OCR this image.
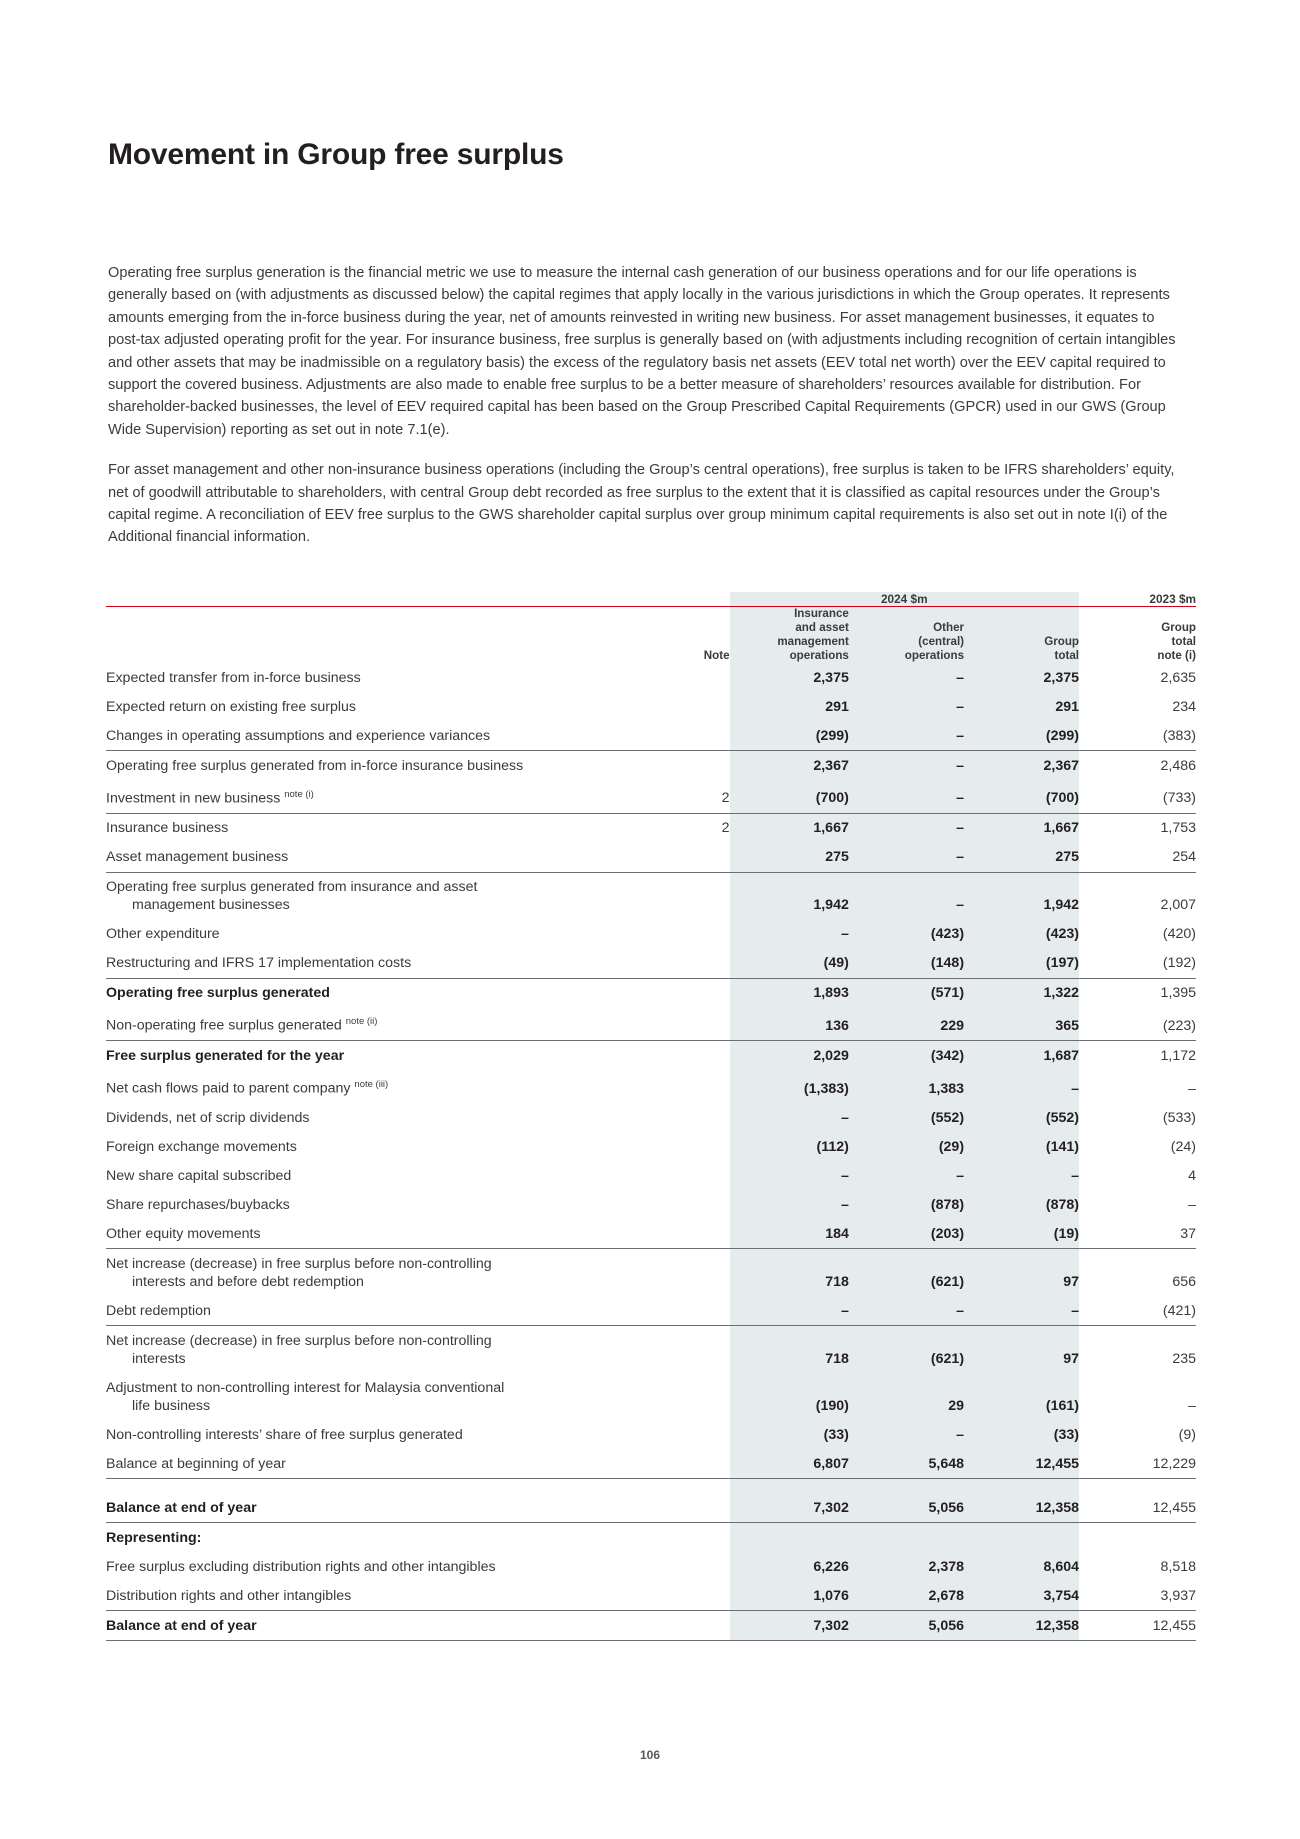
Movement in Group free surplus

Operating free surplus generation is the financial metric we use to measure the internal cash generation of our business operations and for our life operations is generally based on (with adjustments as discussed below) the capital regimes that apply locally in the various jurisdictions in which the Group operates. It represents amounts emerging from the in-force business during the year, net of amounts reinvested in writing new business. For asset management businesses, it equates to post-tax adjusted operating profit for the year. For insurance business, free surplus is generally based on (with adjustments including recognition of certain intangibles and other assets that may be inadmissible on a regulatory basis) the excess of the regulatory basis net assets (EEV total net worth) over the EEV capital required to support the covered business. Adjustments are also made to enable free surplus to be a better measure of shareholders’ resources available for distribution. For shareholder-backed businesses, the level of EEV required capital has been based on the Group Prescribed Capital Requirements (GPCR) used in our GWS (Group Wide Supervision) reporting as set out in note 7.1(e).

For asset management and other non-insurance business operations (including the Group’s central operations), free surplus is taken to be IFRS shareholders’ equity, net of goodwill attributable to shareholders, with central Group debt recorded as free surplus to the extent that it is classified as capital resources under the Group’s capital regime. A reconciliation of EEV free surplus to the GWS shareholder capital surplus over group minimum capital requirements is also set out in note I(i) of the Additional financial information.

		2024 $m			2023 $m
	Note	Insurance
and asset
management
operations	Other
(central)
operations	Group
total	Group
total
note (i)
Expected transfer from in-force business		2,375	–	2,375	2,635
Expected return on existing free surplus		291	–	291	234
Changes in operating assumptions and experience variances		(299)	–	(299)	(383)
Operating free surplus generated from in-force insurance business		2,367	–	2,367	2,486
Investment in new business $^{note (i)}$	2	(700)	–	(700)	(733)
Insurance business	2	1,667	–	1,667	1,753
Asset management business		275	–	275	254
Operating free surplus generated from insurance and asset
management businesses		1,942	–	1,942	2,007
Other expenditure		–	(423)	(423)	(420)
Restructuring and IFRS 17 implementation costs		(49)	(148)	(197)	(192)
Operating free surplus generated		1,893	(571)	1,322	1,395
Non-operating free surplus generated $^{note (ii)}$		136	229	365	(223)
Free surplus generated for the year		2,029	(342)	1,687	1,172
Net cash flows paid to parent company $^{note (iii)}$		(1,383)	1,383	–	–
Dividends, net of scrip dividends		–	(552)	(552)	(533)
Foreign exchange movements		(112)	(29)	(141)	(24)
New share capital subscribed		–	–	–	4
Share repurchases/buybacks		–	(878)	(878)	–
Other equity movements		184	(203)	(19)	37
Net increase (decrease) in free surplus before non-controlling
interests and before debt redemption		718	(621)	97	656
Debt redemption		–	–	–	(421)
Net increase (decrease) in free surplus before non-controlling
interests		718	(621)	97	235
Adjustment to non-controlling interest for Malaysia conventional
life business		(190)	29	(161)	–
Non-controlling interests’ share of free surplus generated		(33)	–	(33)	(9)
Balance at beginning of year		6,807	5,648	12,455	12,229

Balance at end of year		7,302	5,056	12,358	12,455
Representing:					
Free surplus excluding distribution rights and other intangibles		6,226	2,378	8,604	8,518
Distribution rights and other intangibles		1,076	2,678	3,754	3,937
Balance at end of year		7,302	5,056	12,358	12,455
106
